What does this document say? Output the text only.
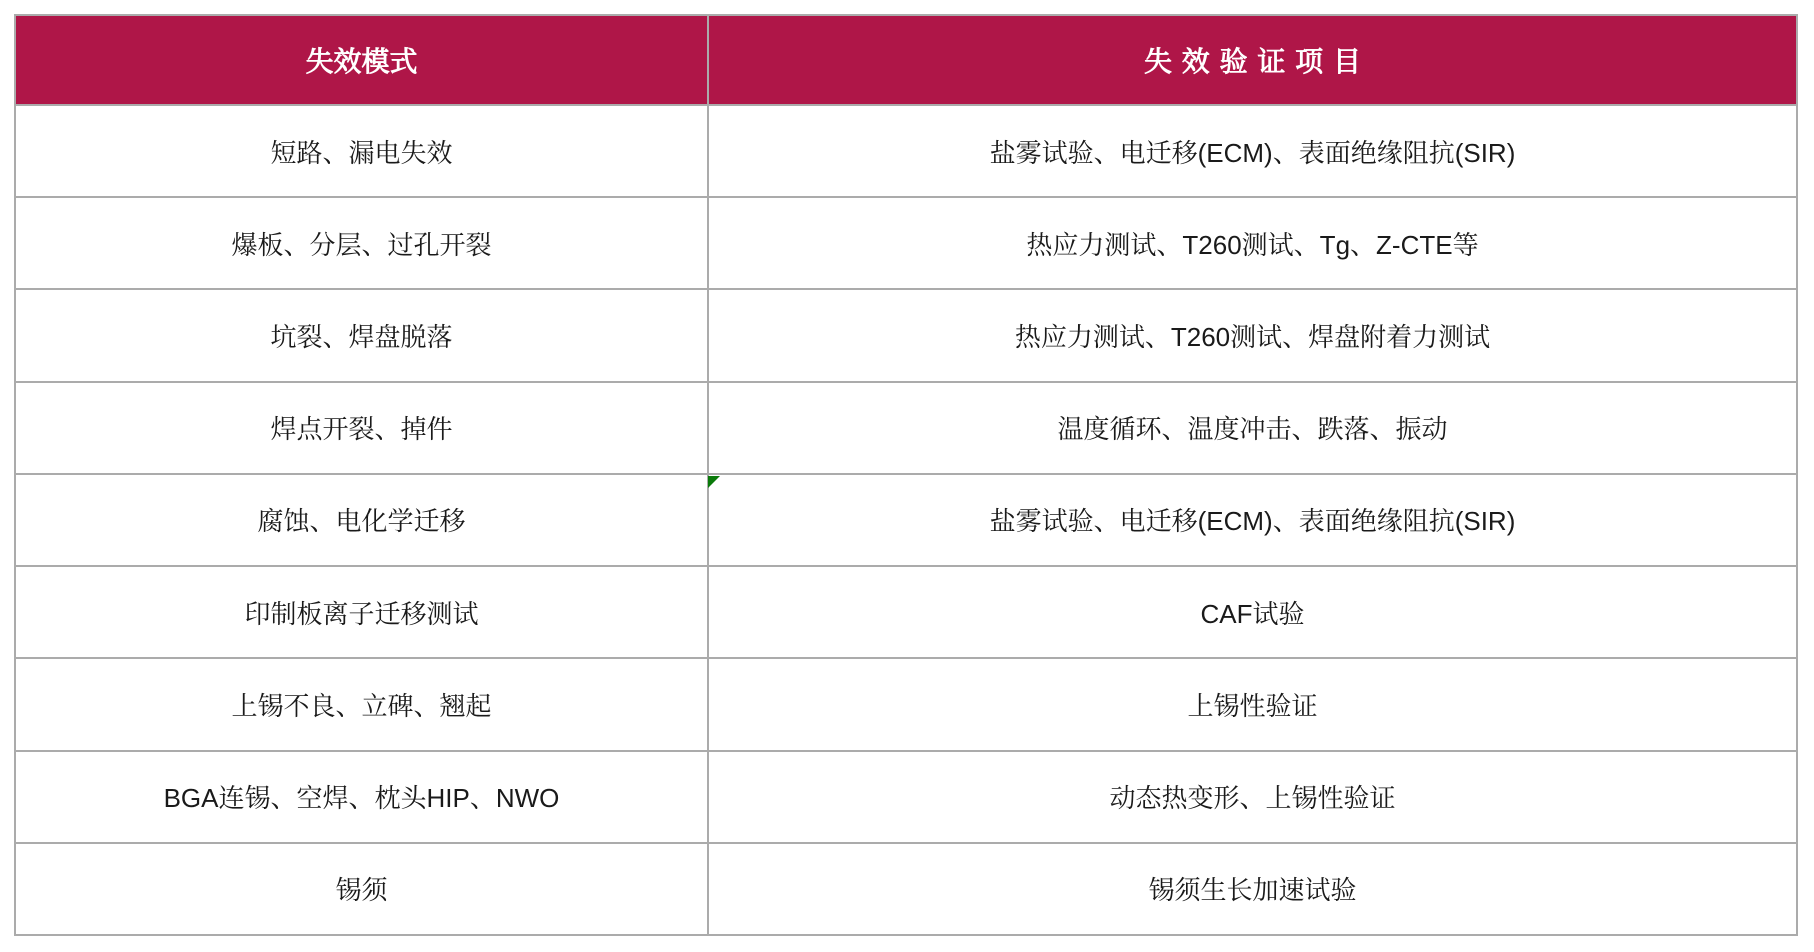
失效模式	失效验证项目
短路、漏电失效	盐雾试验、电迁移(ECM)、表面绝缘阻抗(SIR)
爆板、分层、过孔开裂	热应力测试、T260测试、Tg、Z-CTE等
坑裂、焊盘脱落	热应力测试、T260测试、焊盘附着力测试
焊点开裂、掉件	温度循环、温度冲击、跌落、振动
腐蚀、电化学迁移	盐雾试验、电迁移(ECM)、表面绝缘阻抗(SIR)
印制板离子迁移测试	CAF试验
上锡不良、立碑、翘起	上锡性验证
BGA连锡、空焊、枕头HIP、NWO	动态热变形、上锡性验证
锡须	锡须生长加速试验
